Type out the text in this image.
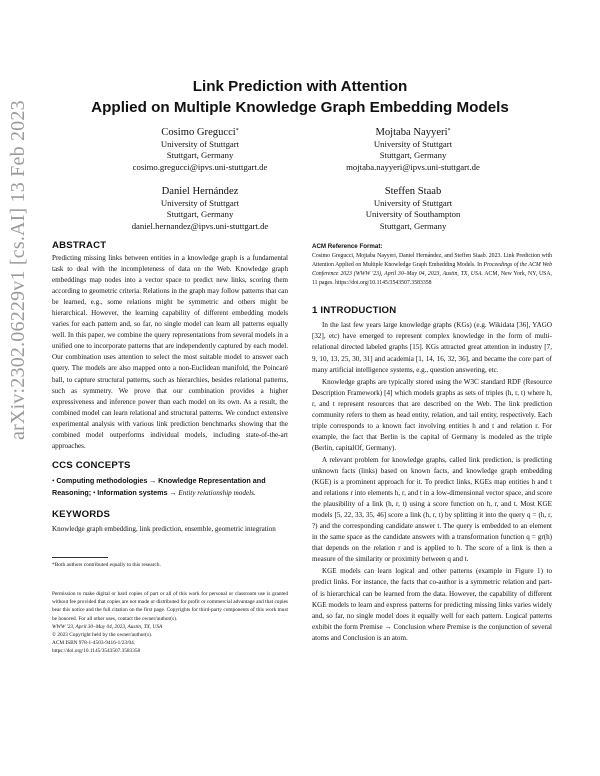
arXiv:2302.06229v1 [cs.AI] 13 Feb 2023
Link Prediction with Attention
Applied on Multiple Knowledge Graph Embedding Models
Cosimo Gregucci*
University of Stuttgart
Stuttgart, Germany
cosimo.gregucci@ipvs.uni-stuttgart.de
Mojtaba Nayyeri*
University of Stuttgart
Stuttgart, Germany
mojtaba.nayyeri@ipvs.uni-stuttgart.de
Daniel Hernández
University of Stuttgart
Stuttgart, Germany
daniel.hernandez@ipvs.uni-stuttgart.de
Steffen Staab
University of Stuttgart
University of Southampton
Stuttgart, Germany
ABSTRACT

Predicting missing links between entities in a knowledge graph is a fundamental task to deal with the incompleteness of data on the Web. Knowledge graph embeddings map nodes into a vector space to predict new links, scoring them according to geometric criteria. Relations in the graph may follow patterns that can be learned, e.g., some relations might be symmetric and others might be hierarchical. However, the learning capability of different embedding models varies for each pattern and, so far, no single model can learn all patterns equally well. In this paper, we combine the query representations from several models in a unified one to incorporate patterns that are independently captured by each model. Our combination uses attention to select the most suitable model to answer each query. The models are also mapped onto a non-Euclidean manifold, the Poincaré ball, to capture structural patterns, such as hierarchies, besides relational patterns, such as symmetry. We prove that our combination provides a higher expressiveness and inference power than each model on its own. As a result, the combined model can learn relational and structural patterns. We conduct extensive experimental analysis with various link prediction benchmarks showing that the combined model outperforms individual models, including state-of-the-art approaches.

CCS CONCEPTS
• Computing methodologies → Knowledge Representation and Reasoning; • Information systems → Entity relationship models.
KEYWORDS

Knowledge graph embedding, link prediction, ensemble, geometric integration

*Both authors contributed equally to this research.

Permission to make digital or hard copies of part or all of this work for personal or classroom use is granted without fee provided that copies are not made or distributed for profit or commercial advantage and that copies bear this notice and the full citation on the first page. Copyrights for third-party components of this work must be honored. For all other uses, contact the owner/author(s).

WWW '23, April 30–May 04, 2023, Austin, TX, USA

© 2023 Copyright held by the owner/author(s).

ACM ISBN 978-1-4503-9416-1/23/04.

https://doi.org/10.1145/3543507.3583358

ACM Reference Format:

Cosimo Gregucci, Mojtaba Nayyeri, Daniel Hernández, and Steffen Staab. 2023. Link Prediction with Attention Applied on Multiple Knowledge Graph Embedding Models. In Proceedings of the ACM Web Conference 2023 (WWW '23), April 30–May 04, 2023, Austin, TX, USA. ACM, New York, NY, USA, 11 pages. https://doi.org/10.1145/3543507.3583358

1 INTRODUCTION

In the last few years large knowledge graphs (KGs) (e.g. Wikidata [36], YAGO [32], etc) have emerged to represent complex knowledge in the form of multi-relational directed labeled graphs [15]. KGs attracted great attention in industry [7, 9, 10, 13, 25, 30, 31] and academia [1, 14, 16, 32, 36], and became the core part of many artificial intelligence systems, e.g., question answering, etc.

Knowledge graphs are typically stored using the W3C standard RDF (Resource Description Framework) [4] which models graphs as sets of triples (h, r, t) where h, r, and t represent resources that are described on the Web. The link prediction community refers to them as head entity, relation, and tail entity, respectively. Each triple corresponds to a known fact involving entities h and t and relation r. For example, the fact that Berlin is the capital of Germany is modeled as the triple (Berlin, capitalOf, Germany).

A relevant problem for knowledge graphs, called link prediction, is predicting unknown facts (links) based on known facts, and knowledge graph embedding (KGE) is a prominent approach for it. To predict links, KGEs map entities h and t and relations r into elements h, r, and t in a low-dimensional vector space, and score the plausibility of a link (h, r, t) using a score function on h, r, and t. Most KGE models [5, 22, 33, 35, 46] score a link (h, r, t) by splitting it into the query q = (h, r, ?) and the corresponding candidate answer t. The query is embedded to an element in the same space as the candidate answers with a transformation function q = gr(h) that depends on the relation r and is applied to h. The score of a link is then a measure of the similarity or proximity between q and t.

KGE models can learn logical and other patterns (example in Figure 1) to predict links. For instance, the facts that co-author is a symmetric relation and part-of is hierarchical can be learned from the data. However, the capability of different KGE models to learn and express patterns for predicting missing links varies widely and, so far, no single model does it equally well for each pattern. Logical patterns exhibit the form Premise → Conclusion where Premise is the conjunction of several atoms and Conclusion is an atom.
